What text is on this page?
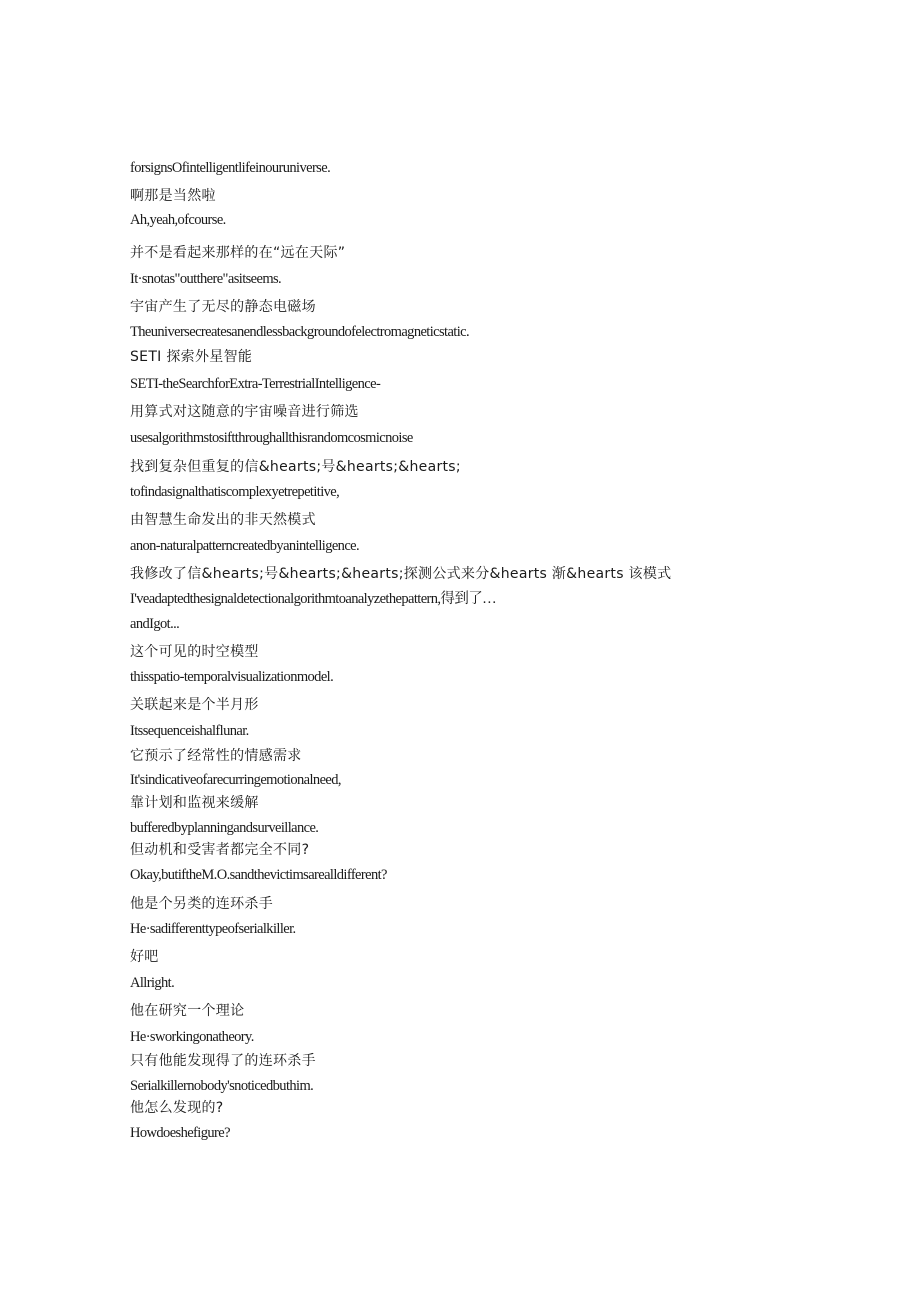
forsignsOfintelligentlifeinouruniverse.
啊那是当然啦
Ah,yeah,ofcourse.
并不是看起来那样的在“远在天际”
It·snotas"outthere"asitseems.
宇宙产生了无尽的静态电磁场
Theuniversecreatesanendlessbackgroundofelectromagneticstatic.
SETI 探索外星智能
SETI-theSearchforExtra-TerrestrialIntelligence-
用算式对这随意的宇宙噪音进行筛选
usesalgorithmstosiftthroughallthisrandomcosmicnoise
找到复杂但重复的信&hearts;号&hearts;&hearts;
tofindasignalthatiscomplexyetrepetitive,
由智慧生命发出的非天然模式
anon-naturalpatterncreatedbyanintelligence.
我修改了信&hearts;号&hearts;&hearts;探测公式来分&hearts 渐&hearts 该模式
I'veadaptedthesignaldetectionalgorithmtoanalyzethepattern,得到了…
andIgot...
这个可见的时空模型
thisspatio-temporalvisualizationmodel.
关联起来是个半月形
Itssequenceishalflunar.
它预示了经常性的情感需求
It'sindicativeofarecurringemotionalneed,
靠计划和监视来缓解
bufferedbyplanningandsurveillance.
但动机和受害者都完全不同?
Okay,butiftheM.O.sandthevictimsarealldifferent?
他是个另类的连环杀手
He·sadifferenttypeofserialkiller.
好吧
Allright.
他在研究一个理论
He·sworkingonatheory.
只有他能发现得了的连环杀手
Serialkillernobody'snoticedbuthim.
他怎么发现的?
Howdoeshefigure?
